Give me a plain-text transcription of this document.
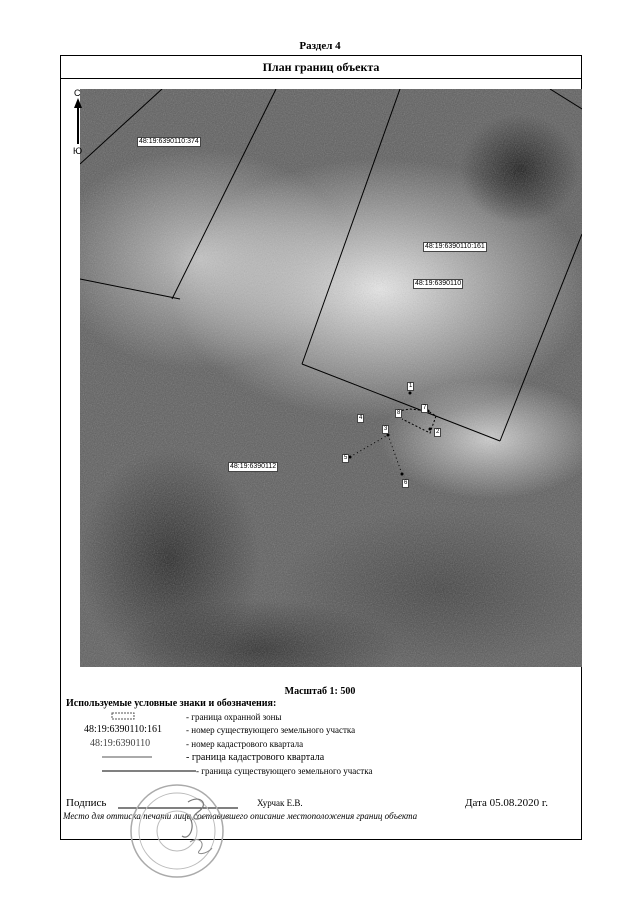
Раздел 4
План границ объекта
48:19:6390110:374
48:19:6390110:161
48:19:6390110
48:19:6390112
1
2
3
4
5
6
7
8
С
Ю
Масштаб 1: 500
Используемые условные знаки и обозначения:
- граница охранной зоны
48:19:6390110:161	- номер существующего земельного участка
48:19:6390110	- номер кадастрового квартала
- граница кадастрового квартала
- граница существующего земельного участка
Подпись	Хурчак Е.В.	Дата 05.08.2020 г.
Место для оттиска печати лица,составившего описание местоположения границ объекта
